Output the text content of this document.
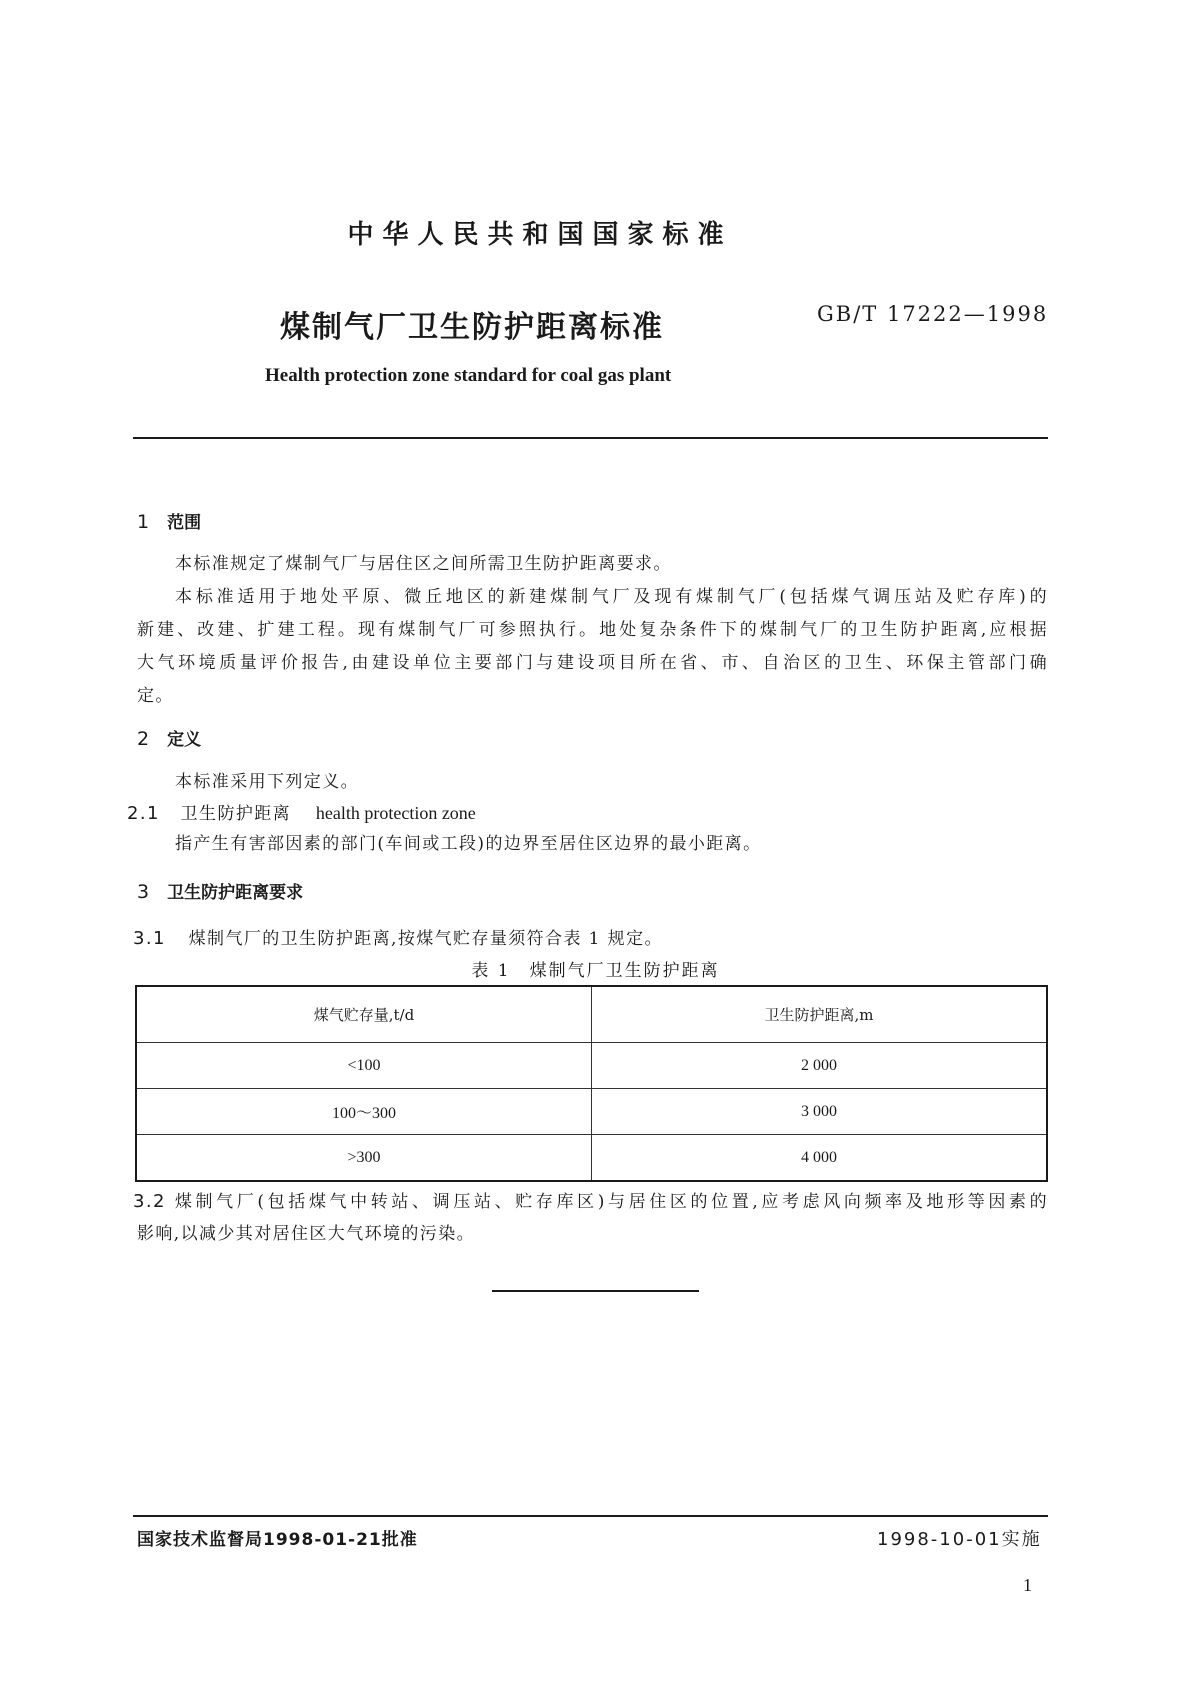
中华人民共和国国家标准
煤制气厂卫生防护距离标准	GB/T 17222—1998
Health protection zone standard for coal gas plant
1 范围
本标准规定了煤制气厂与居住区之间所需卫生防护距离要求。
本标准适用于地处平原、微丘地区的新建煤制气厂及现有煤制气厂(包括煤气调压站及贮存库)的
新建、改建、扩建工程。现有煤制气厂可参照执行。地处复杂条件下的煤制气厂的卫生防护距离,应根据
大气环境质量评价报告,由建设单位主要部门与建设项目所在省、市、自治区的卫生、环保主管部门确
定。
2 定义
本标准采用下列定义。
2.1 卫生防护距离 health protection zone
指产生有害部因素的部门(车间或工段)的边界至居住区边界的最小距离。
3 卫生防护距离要求
3.1 煤制气厂的卫生防护距离,按煤气贮存量须符合表 1 规定。
表 1　煤制气厂卫生防护距离
煤气贮存量,t/d	卫生防护距离,m
<100	2 000
100～300	3 000
>300	4 000
3.2 煤制气厂(包括煤气中转站、调压站、贮存库区)与居住区的位置,应考虑风向频率及地形等因素的
影响,以减少其对居住区大气环境的污染。
国家技术监督局1998-01-21批准	1998-10-01实施
1
